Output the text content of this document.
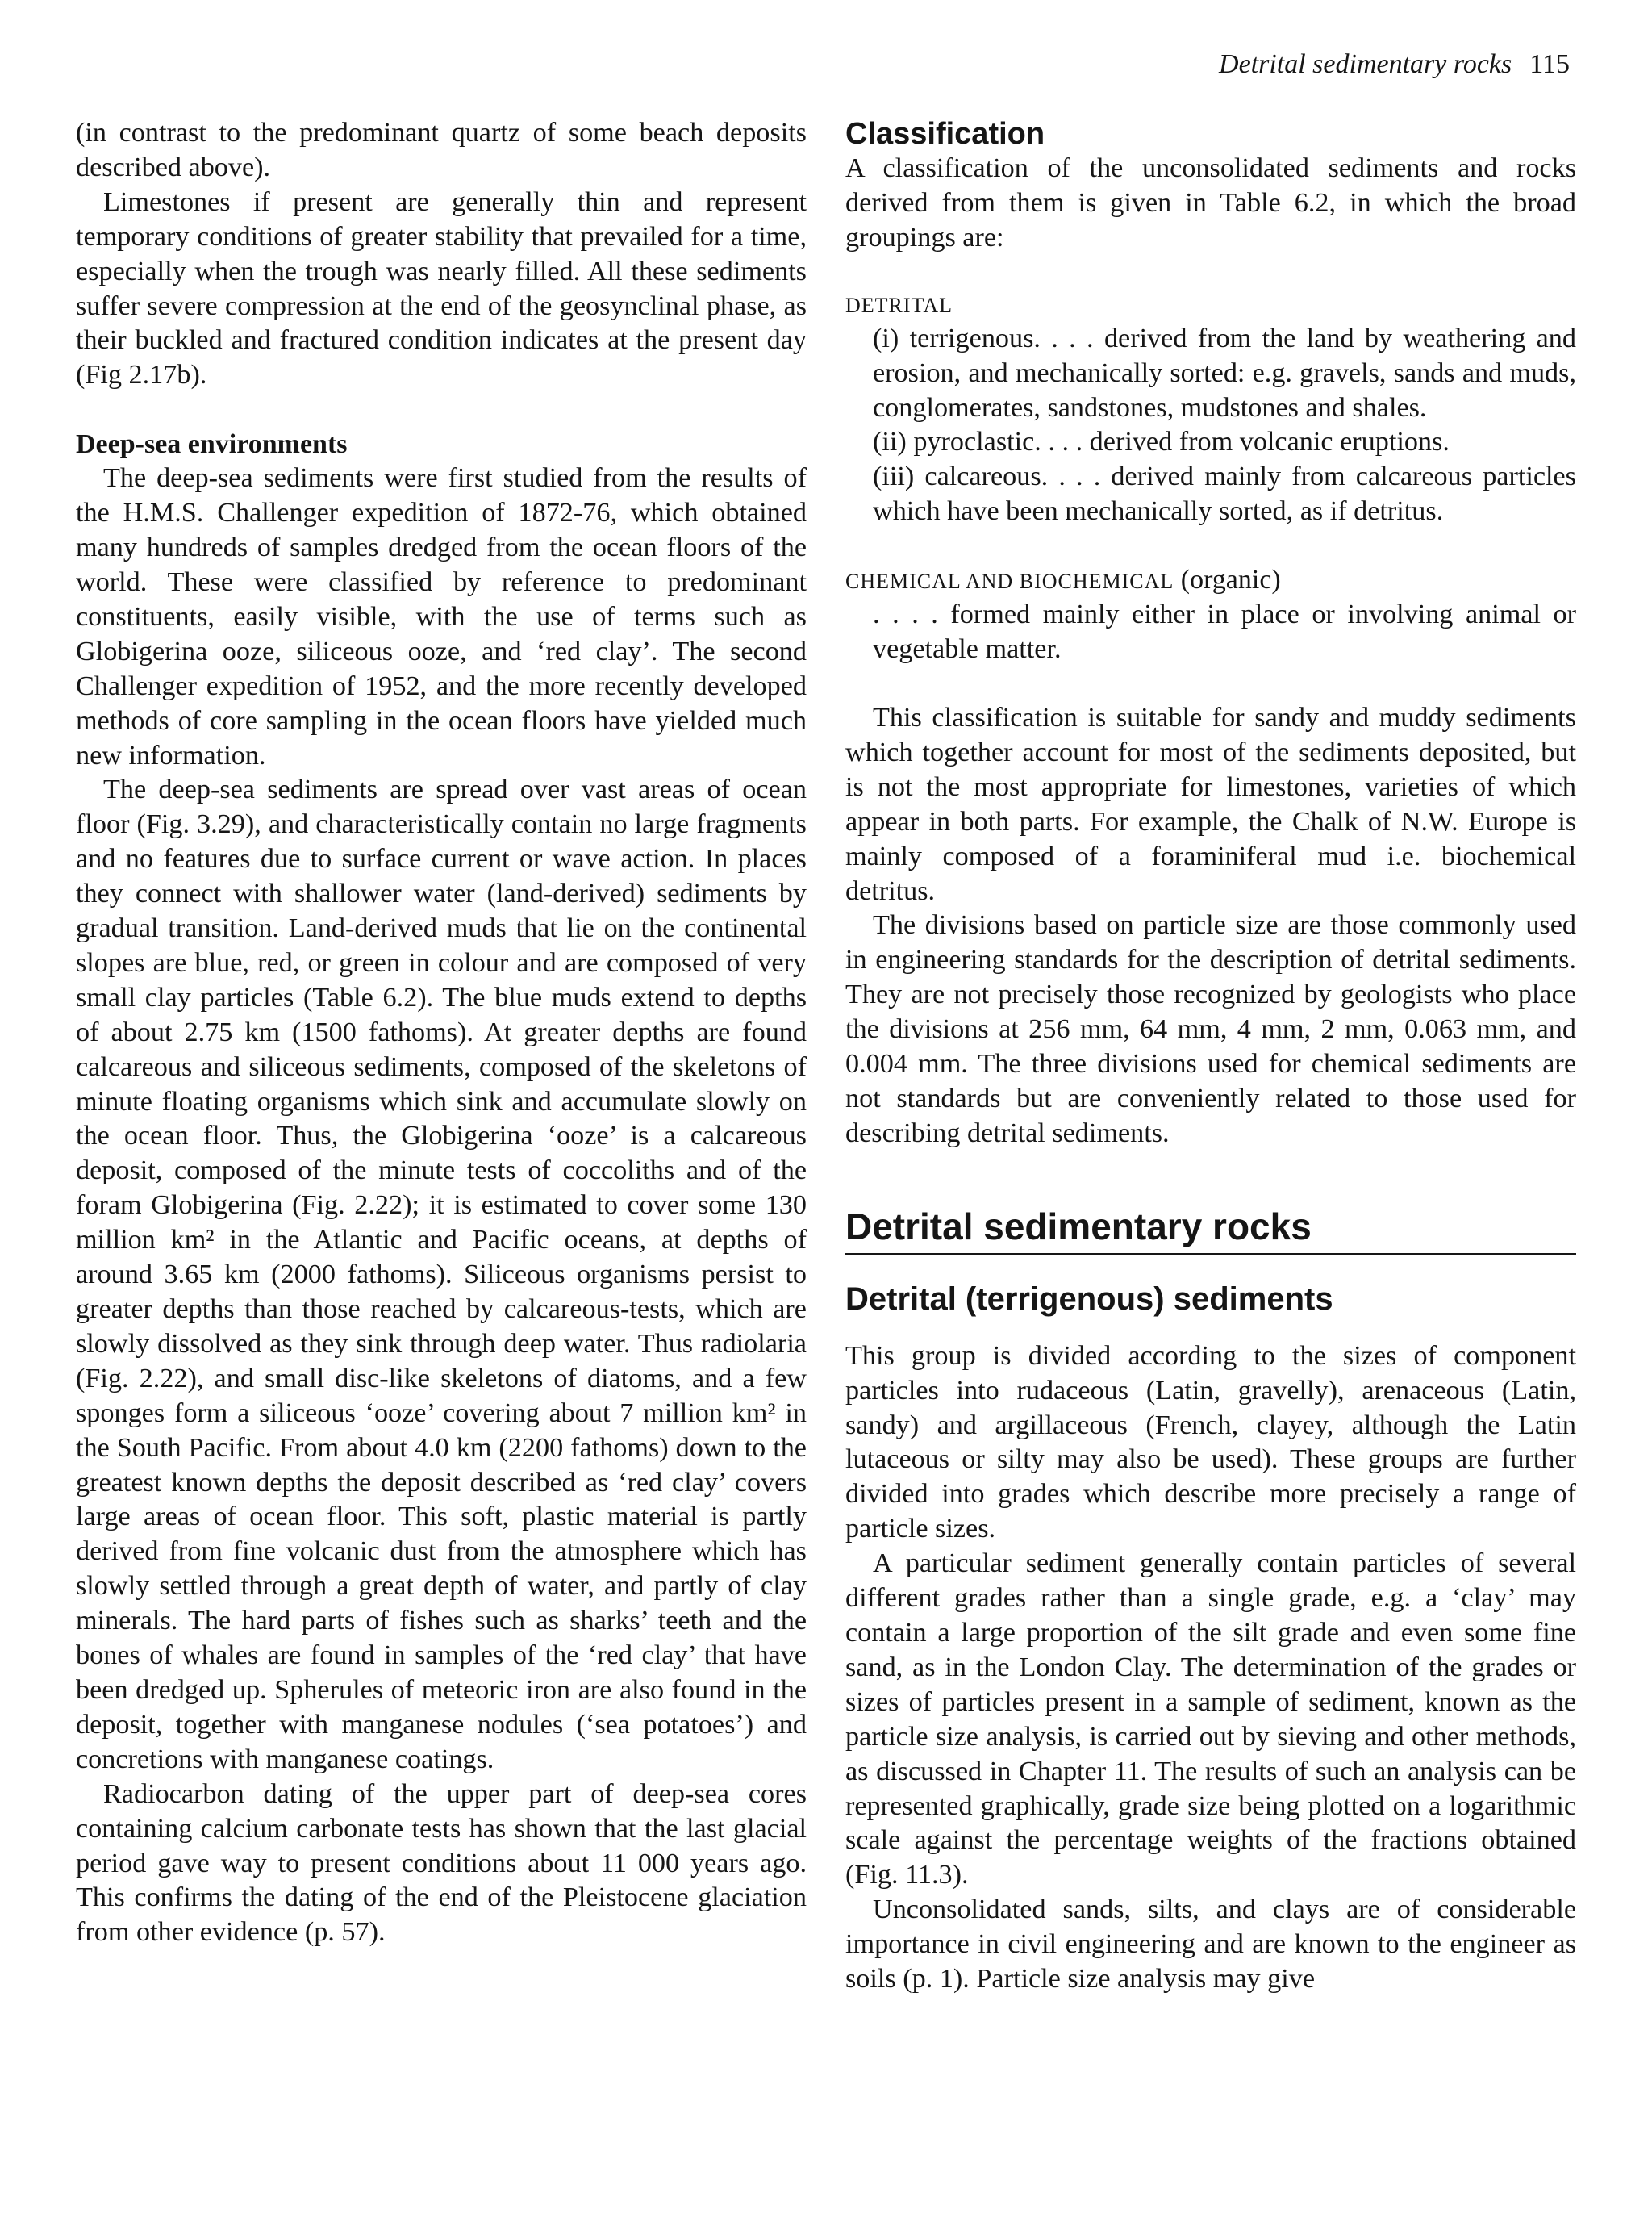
Detrital sedimentary rocks 115

(in contrast to the predominant quartz of some beach deposits described above).

Limestones if present are generally thin and represent temporary conditions of greater stability that prevailed for a time, especially when the trough was nearly filled. All these sediments suffer severe compression at the end of the geosynclinal phase, as their buckled and fractured condition indicates at the present day (Fig 2.17b).

Deep-sea environments

The deep-sea sediments were first studied from the results of the H.M.S. Challenger expedition of 1872-76, which obtained many hundreds of samples dredged from the ocean floors of the world. These were classified by reference to predominant constituents, easily visible, with the use of terms such as Globigerina ooze, siliceous ooze, and ‘red clay’. The second Challenger expedition of 1952, and the more recently developed methods of core sampling in the ocean floors have yielded much new information.

The deep-sea sediments are spread over vast areas of ocean floor (Fig. 3.29), and characteristically contain no large fragments and no features due to surface current or wave action. In places they connect with shallower water (land-derived) sediments by gradual transition. Land-derived muds that lie on the continental slopes are blue, red, or green in colour and are composed of very small clay particles (Table 6.2). The blue muds extend to depths of about 2.75 km (1500 fathoms). At greater depths are found calcareous and siliceous sediments, composed of the skeletons of minute floating organisms which sink and accumulate slowly on the ocean floor. Thus, the Globigerina ‘ooze’ is a calcareous deposit, composed of the minute tests of coccoliths and of the foram Globigerina (Fig. 2.22); it is estimated to cover some 130 million km² in the Atlantic and Pacific oceans, at depths of around 3.65 km (2000 fathoms). Siliceous organisms persist to greater depths than those reached by calcareous-tests, which are slowly dissolved as they sink through deep water. Thus radiolaria (Fig. 2.22), and small disc-like skeletons of diatoms, and a few sponges form a siliceous ‘ooze’ covering about 7 million km² in the South Pacific. From about 4.0 km (2200 fathoms) down to the greatest known depths the deposit described as ‘red clay’ covers large areas of ocean floor. This soft, plastic material is partly derived from fine volcanic dust from the atmosphere which has slowly settled through a great depth of water, and partly of clay minerals. The hard parts of fishes such as sharks’ teeth and the bones of whales are found in samples of the ‘red clay’ that have been dredged up. Spherules of meteoric iron are also found in the deposit, together with manganese nodules (‘sea potatoes’) and concretions with manganese coatings.

Radiocarbon dating of the upper part of deep-sea cores containing calcium carbonate tests has shown that the last glacial period gave way to present conditions about 11 000 years ago. This confirms the dating of the end of the Pleistocene glaciation from other evidence (p. 57).

Classification

A classification of the unconsolidated sediments and rocks derived from them is given in Table 6.2, in which the broad groupings are:

DETRITAL

(i) terrigenous. . . . derived from the land by weathering and erosion, and mechanically sorted: e.g. gravels, sands and muds, conglomerates, sandstones, mudstones and shales.

(ii) pyroclastic. . . . derived from volcanic eruptions.

(iii) calcareous. . . . derived mainly from calcareous particles which have been mechanically sorted, as if detritus.

CHEMICAL AND BIOCHEMICAL (organic)

. . . . formed mainly either in place or involving animal or vegetable matter.

This classification is suitable for sandy and muddy sediments which together account for most of the sediments deposited, but is not the most appropriate for limestones, varieties of which appear in both parts. For example, the Chalk of N.W. Europe is mainly composed of a foraminiferal mud i.e. biochemical detritus.

The divisions based on particle size are those commonly used in engineering standards for the description of detrital sediments. They are not precisely those recognized by geologists who place the divisions at 256 mm, 64 mm, 4 mm, 2 mm, 0.063 mm, and 0.004 mm. The three divisions used for chemical sediments are not standards but are conveniently related to those used for describing detrital sediments.

Detrital sedimentary rocks
Detrital (terrigenous) sediments

This group is divided according to the sizes of component particles into rudaceous (Latin, gravelly), arenaceous (Latin, sandy) and argillaceous (French, clayey, although the Latin lutaceous or silty may also be used). These groups are further divided into grades which describe more precisely a range of particle sizes.

A particular sediment generally contain particles of several different grades rather than a single grade, e.g. a ‘clay’ may contain a large proportion of the silt grade and even some fine sand, as in the London Clay. The determination of the grades or sizes of particles present in a sample of sediment, known as the particle size analysis, is carried out by sieving and other methods, as discussed in Chapter 11. The results of such an analysis can be represented graphically, grade size being plotted on a logarithmic scale against the percentage weights of the fractions obtained (Fig. 11.3).

Unconsolidated sands, silts, and clays are of considerable importance in civil engineering and are known to the engineer as soils (p. 1). Particle size analysis may give
